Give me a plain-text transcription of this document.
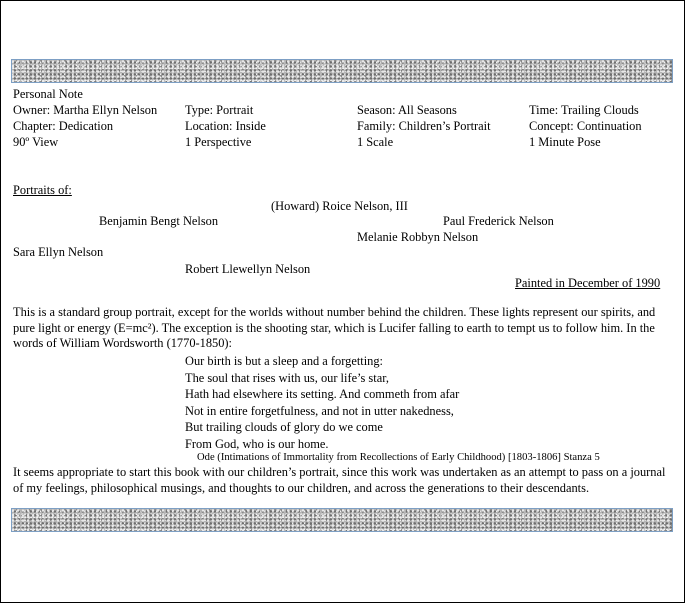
Personal Note
Owner: Martha Ellyn Nelson
Chapter: Dedication
90º View
Type: Portrait
Location: Inside
1 Perspective
Season: All Seasons
Family: Children’s Portrait
1 Scale
Time: Trailing Clouds
Concept: Continuation
1 Minute Pose
Portraits of:
(Howard) Roice Nelson, III
Benjamin Bengt Nelson	Paul Frederick Nelson
Melanie Robbyn Nelson
Sara Ellyn Nelson
Robert Llewellyn Nelson
Painted in December of 1990
This is a standard group portrait, except for the worlds without number behind the children. These lights represent our spirits, and pure light or energy (E=mc²). The exception is the shooting star, which is Lucifer falling to earth to tempt us to follow him. In the words of William Wordsworth (1770-1850):
Our birth is but a sleep and a forgetting:
The soul that rises with us, our life’s star,
Hath had elsewhere its setting. And commeth from afar
Not in entire forgetfulness, and not in utter nakedness,
But trailing clouds of glory do we come
From God, who is our home.
Ode (Intimations of Immortality from Recollections of Early Childhood) [1803-1806] Stanza 5
It seems appropriate to start this book with our children’s portrait, since this work was undertaken as an attempt to pass on a journal of my feelings, philosophical musings, and thoughts to our children, and across the generations to their descendants.
